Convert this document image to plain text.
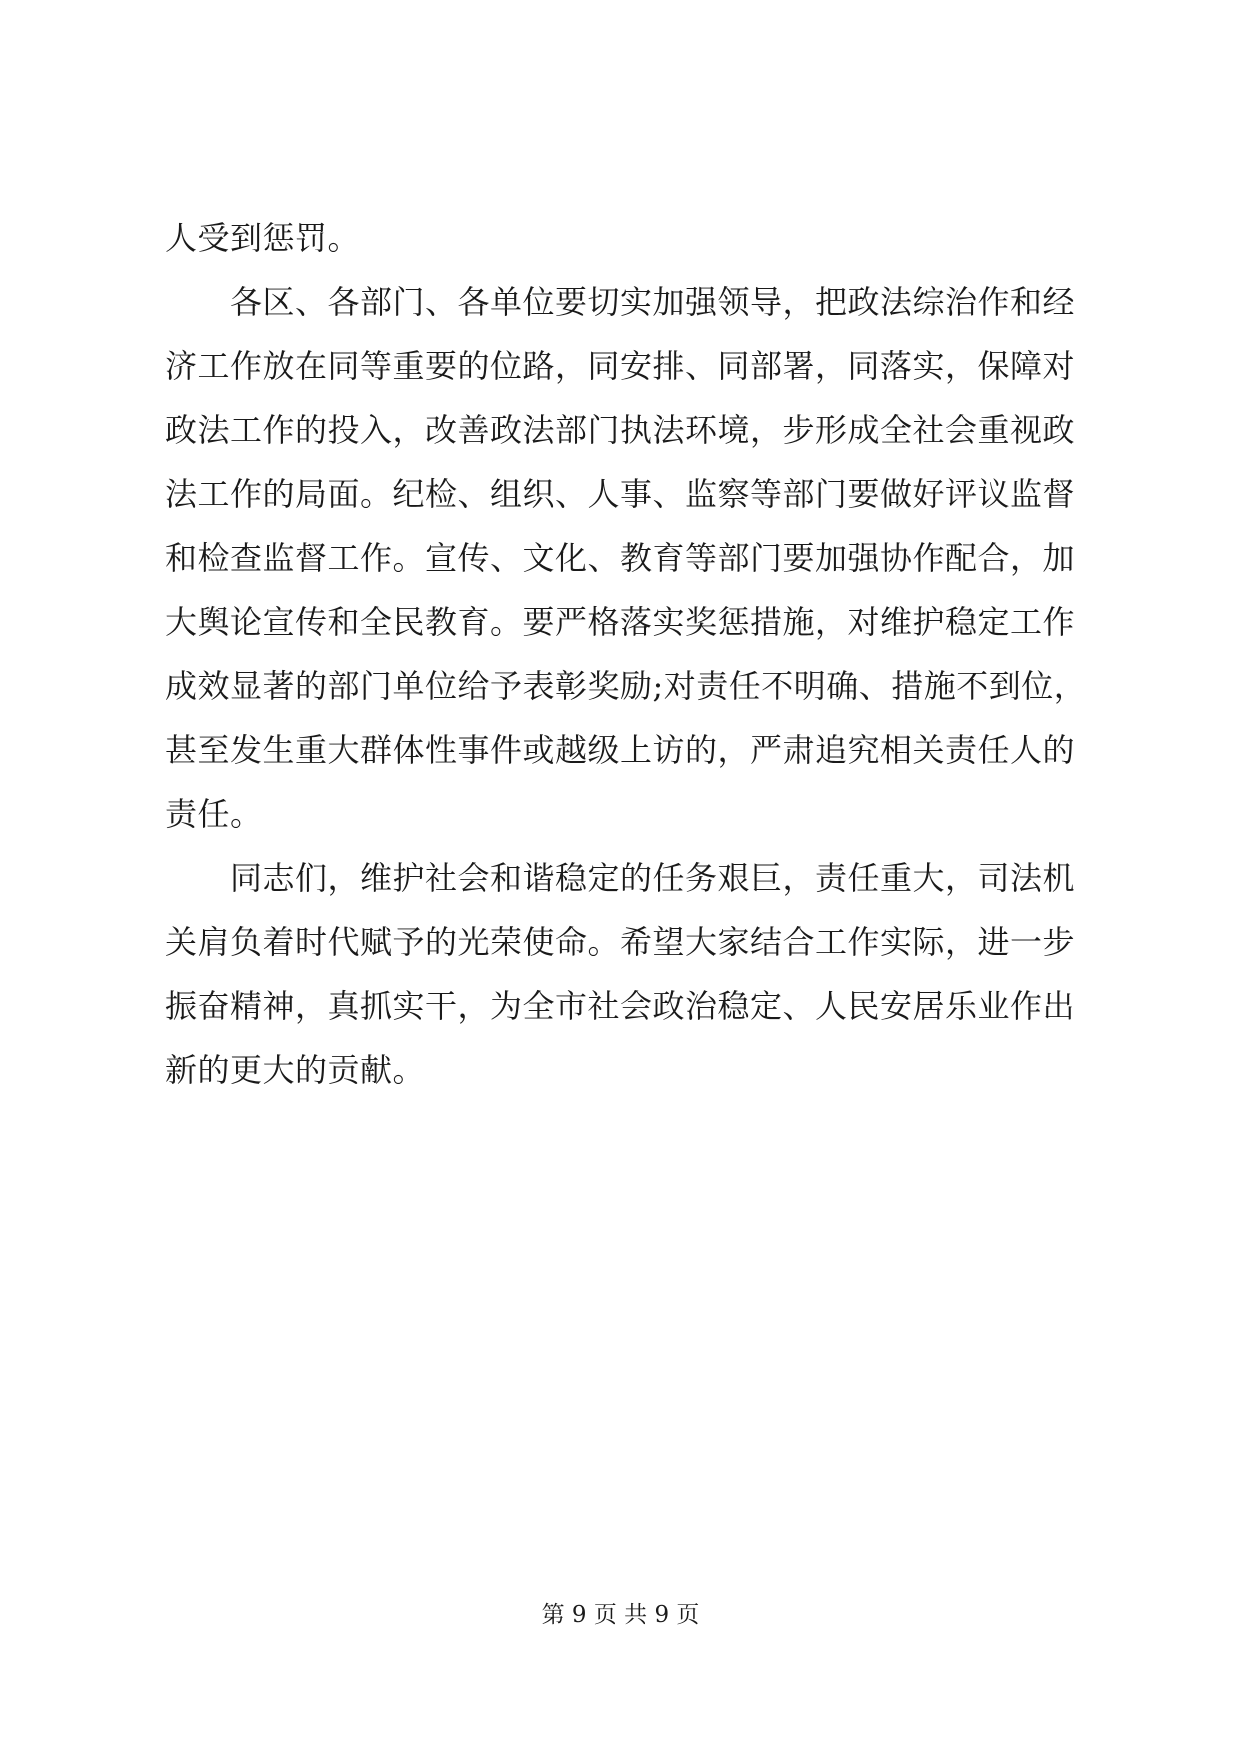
人受到惩罚。
　　各区、各部门、各单位要切实加强领导，把政法综治作和经
济工作放在同等重要的位路，同安排、同部署，同落实，保障对
政法工作的投入，改善政法部门执法环境，步形成全社会重视政
法工作的局面。纪检、组织、人事、监察等部门要做好评议监督
和检查监督工作。宣传、文化、教育等部门要加强协作配合，加
大舆论宣传和全民教育。要严格落实奖惩措施，对维护稳定工作
成效显著的部门单位给予表彰奖励;对责任不明确、措施不到位，
甚至发生重大群体性事件或越级上访的，严肃追究相关责任人的
责任。
　　同志们，维护社会和谐稳定的任务艰巨，责任重大，司法机
关肩负着时代赋予的光荣使命。希望大家结合工作实际，进一步
振奋精神，真抓实干，为全市社会政治稳定、人民安居乐业作出
新的更大的贡献。
第 9 页 共 9 页
